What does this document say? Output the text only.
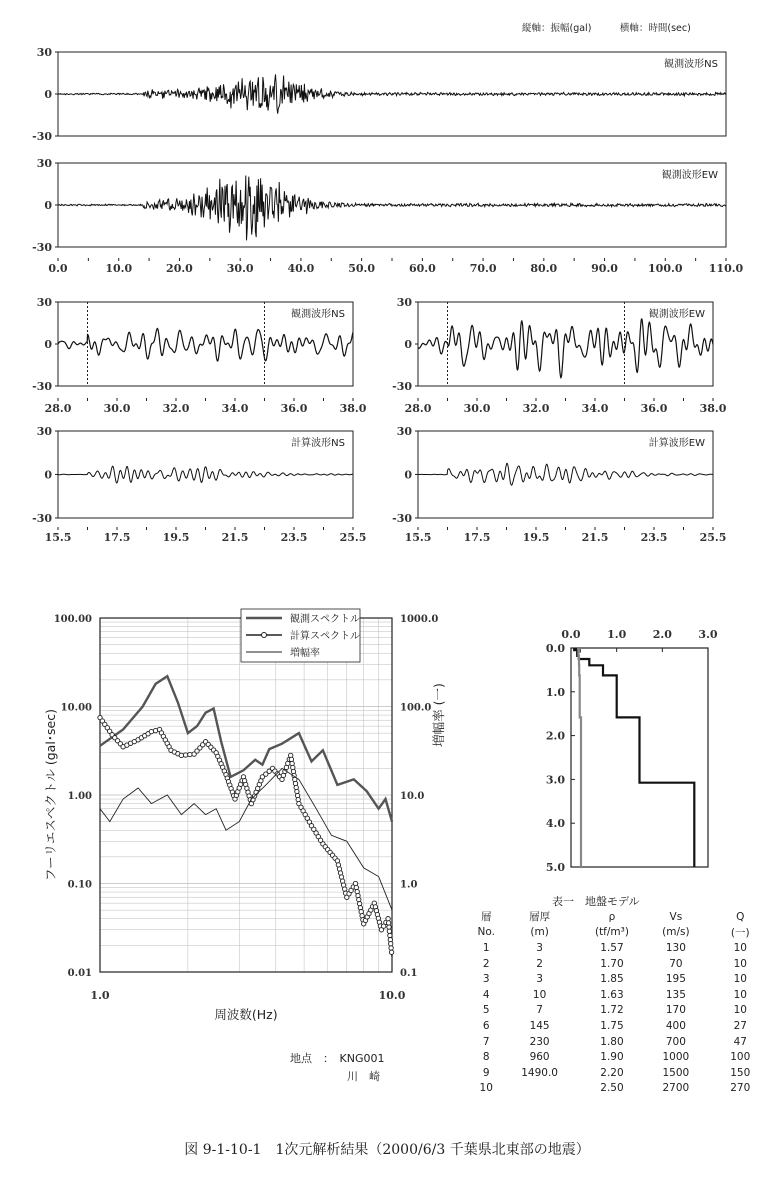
縦軸：振幅(gal)　　　横軸：時間(sec)
30
0
-30
観測波形NS
30
0
-30
観測波形EW
0.0	10.0	20.0	30.0	40.0	50.0	60.0	70.0	80.0	90.0	100.0 110.0
30
0
-30
観測波形NS
28.0	30.0	32.0	34.0	36.0	38.0
30
0
-30
観測波形EW
28.0	30.0	32.0	34.0	36.0	38.0
30
0
-30
計算波形NS
15.5	17.5	19.5	21.5	23.5	25.5
30
0
-30
計算波形EW
15.5	17.5	19.5	21.5	23.5	25.5
100.00
10.00
1.00
0.10
0.01
1000.0
100.0
10.0
1.0
0.1
1.0	10.0
周波数(Hz)
フーリエスペクトル (gal･sec)	増幅率 (一)
観測スペクトル
計算スペクトル
増幅率
0.0 1.0 2.0 3.0
0.0
1.0
2.0
3.0
4.0
5.0
表一　地盤モデル
層	層厚	ρ	Vs	Q
No.	(m)	(tf/m³)	(m/s)	(一)
1	3	1.57	130	10
2	2	1.70	70	10
3	3	1.85	195	10
4	10	1.63	135	10
5	7	1.72	170	10
6	145	1.75	400	27
7	230	1.80	700	47
8	960	1.90	1000	100
9	1490.0	2.20	1500	150
10		2.50	2700	270
地点　：　KNG001
川　崎
図 9-1-10-1　1次元解析結果（2000/6/3 千葉県北東部の地震）
